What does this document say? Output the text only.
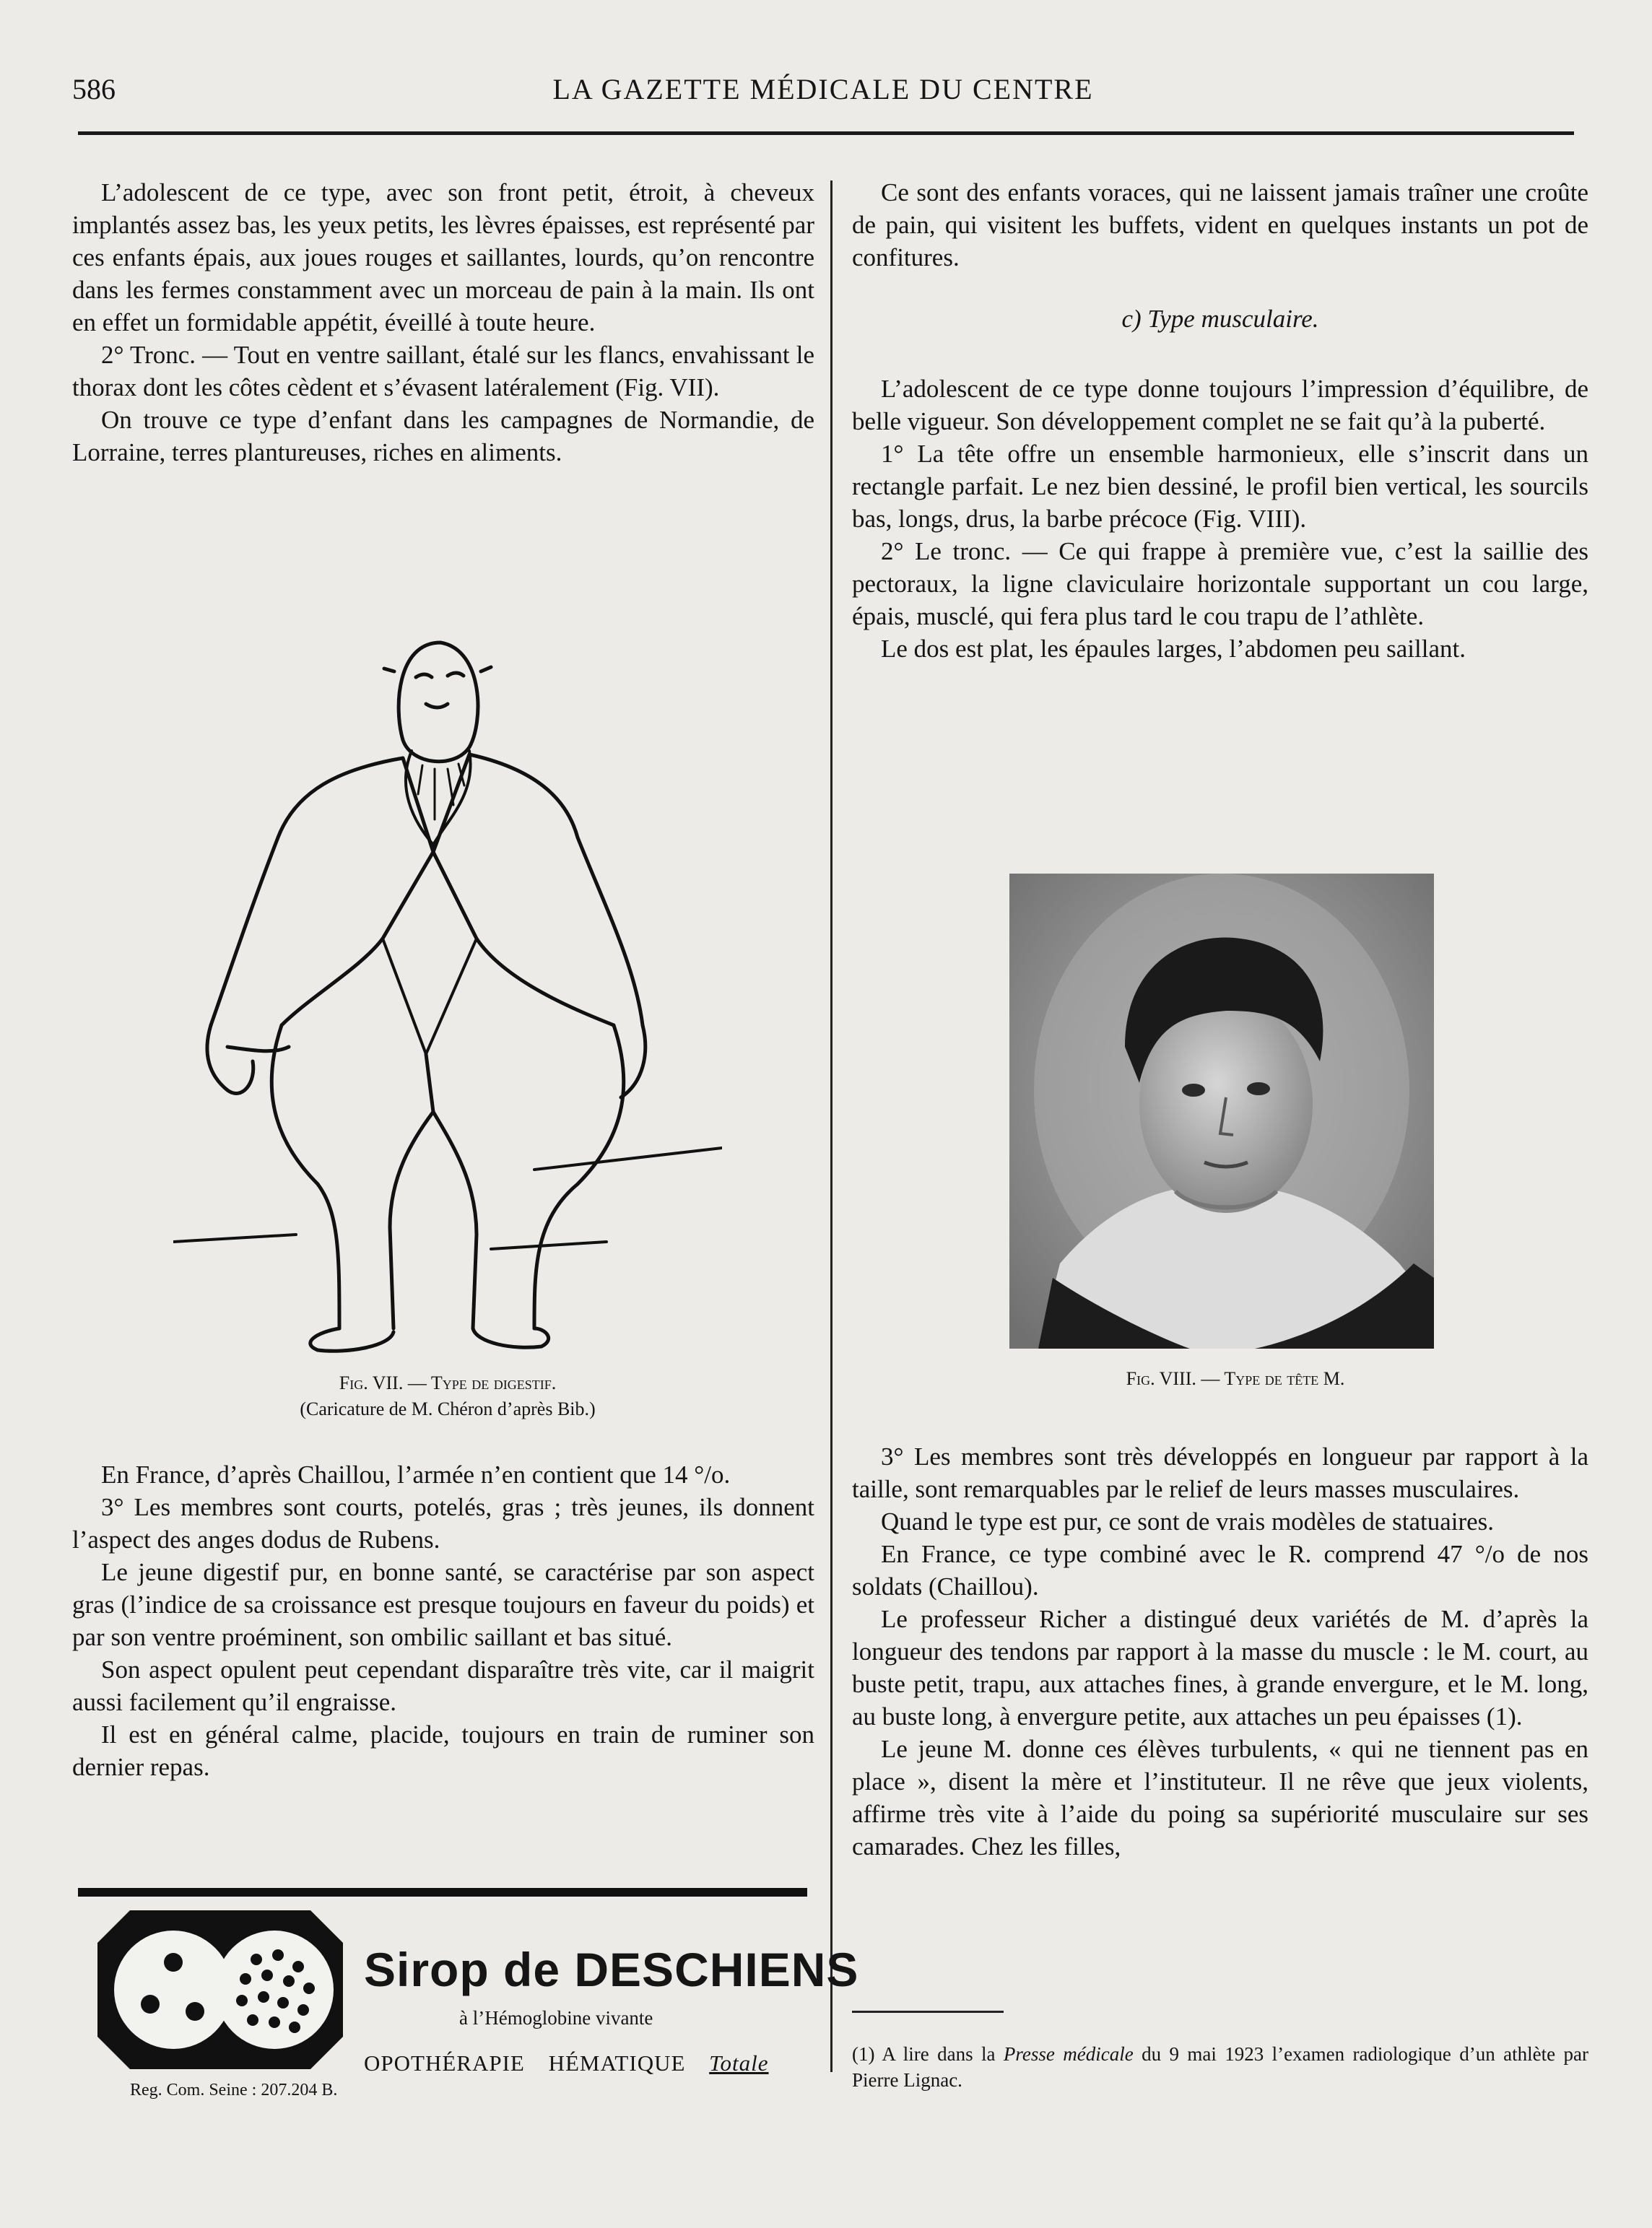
586	LA GAZETTE MÉDICALE DU CENTRE

L’adolescent de ce type, avec son front petit, étroit, à cheveux implantés assez bas, les yeux petits, les lèvres épaisses, est représenté par ces enfants épais, aux joues rouges et saillantes, lourds, qu’on rencontre dans les fermes constamment avec un morceau de pain à la main. Ils ont en effet un formidable appétit, éveillé à toute heure.

2° Tronc. — Tout en ventre saillant, étalé sur les flancs, envahissant le thorax dont les côtes cèdent et s’évasent latéralement (Fig. VII).

On trouve ce type d’enfant dans les campagnes de Normandie, de Lorraine, terres plantureuses, riches en aliments.

Fig. VII. — Type de digestif.
(Caricature de M. Chéron d’après Bib.)

En France, d’après Chaillou, l’armée n’en contient que 14 °/o.

3° Les membres sont courts, potelés, gras ; très jeunes, ils donnent l’aspect des anges dodus de Rubens.

Le jeune digestif pur, en bonne santé, se caractérise par son aspect gras (l’indice de sa croissance est presque toujours en faveur du poids) et par son ventre proéminent, son ombilic saillant et bas situé.

Son aspect opulent peut cependant disparaître très vite, car il maigrit aussi facilement qu’il engraisse.

Il est en général calme, placide, toujours en train de ruminer son dernier repas.

Sirop de DESCHIENS
à l’Hémoglobine vivante
OPOTHÉRAPIE HÉMATIQUE Totale
Reg. Com. Seine : 207.204 B.

Ce sont des enfants voraces, qui ne laissent jamais traîner une croûte de pain, qui visitent les buffets, vident en quelques instants un pot de confitures.

c) Type musculaire.

L’adolescent de ce type donne toujours l’impression d’équilibre, de belle vigueur. Son développement complet ne se fait qu’à la puberté.

1° La tête offre un ensemble harmonieux, elle s’inscrit dans un rectangle parfait. Le nez bien dessiné, le profil bien vertical, les sourcils bas, longs, drus, la barbe précoce (Fig. VIII).

2° Le tronc. — Ce qui frappe à première vue, c’est la saillie des pectoraux, la ligne claviculaire horizontale supportant un cou large, épais, musclé, qui fera plus tard le cou trapu de l’athlète.

Le dos est plat, les épaules larges, l’abdomen peu saillant.

Fig. VIII. — Type de tête M.

3° Les membres sont très développés en longueur par rapport à la taille, sont remarquables par le relief de leurs masses musculaires.

Quand le type est pur, ce sont de vrais modèles de statuaires.

En France, ce type combiné avec le R. comprend 47 °/o de nos soldats (Chaillou).

Le professeur Richer a distingué deux variétés de M. d’après la longueur des tendons par rapport à la masse du muscle : le M. court, au buste petit, trapu, aux attaches fines, à grande envergure, et le M. long, au buste long, à envergure petite, aux attaches un peu épaisses (1).

Le jeune M. donne ces élèves turbulents, « qui ne tiennent pas en place », disent la mère et l’instituteur. Il ne rêve que jeux violents, affirme très vite à l’aide du poing sa supériorité musculaire sur ses camarades. Chez les filles,

(1) A lire dans la Presse médicale du 9 mai 1923 l’examen radiologique d’un athlète par Pierre Lignac.
